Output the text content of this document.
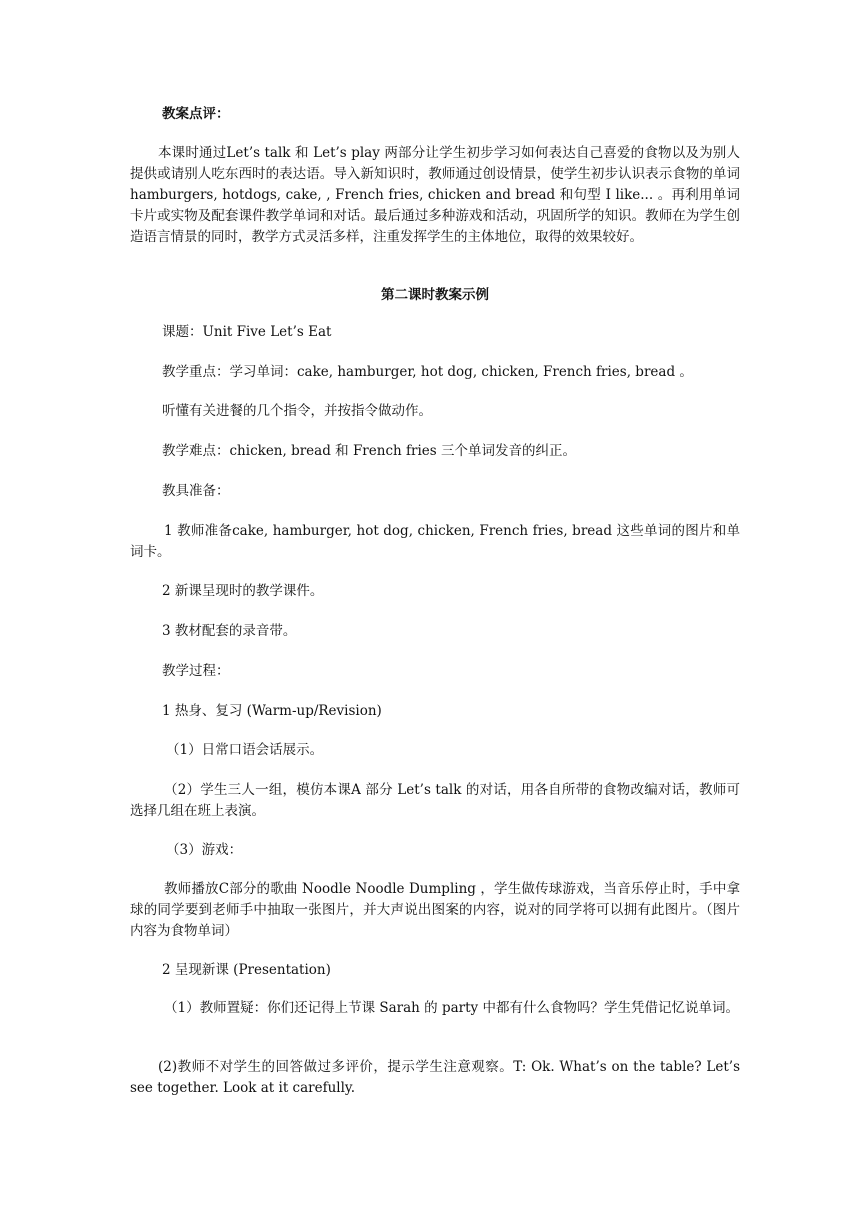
教案点评：

本课时通过Let’s talk 和 Let’s play 两部分让学生初步学习如何表达自己喜爱的食物以及为别人提供或请别人吃东西时的表达语。导入新知识时，教师通过创设情景，使学生初步认识表示食物的单词hamburgers, hotdogs, cake, , French fries, chicken and bread 和句型 I like... 。再利用单词卡片或实物及配套课件教学单词和对话。最后通过多种游戏和活动，巩固所学的知识。教师在为学生创造语言情景的同时，教学方式灵活多样，注重发挥学生的主体地位，取得的效果较好。

第二课时教案示例

课题：Unit Five Let’s Eat

教学重点：学习单词：cake, hamburger, hot dog, chicken, French fries, bread 。

听懂有关进餐的几个指令，并按指令做动作。

教学难点：chicken, bread 和 French fries 三个单词发音的纠正。

教具准备：

1 教师准备cake, hamburger, hot dog, chicken, French fries, bread 这些单词的图片和单词卡。

2 新课呈现时的教学课件。

3 教材配套的录音带。

教学过程：

1 热身、复习 (Warm-up/Revision)

（1）日常口语会话展示。

（2）学生三人一组，模仿本课A 部分 Let’s talk 的对话，用各自所带的食物改编对话，教师可选择几组在班上表演。

（3）游戏：

教师播放C部分的歌曲 Noodle Noodle Dumpling ，学生做传球游戏，当音乐停止时，手中拿球的同学要到老师手中抽取一张图片，并大声说出图案的内容，说对的同学将可以拥有此图片。（图片内容为食物单词）

2 呈现新课 (Presentation)

（1）教师置疑：你们还记得上节课 Sarah 的 party 中都有什么食物吗？学生凭借记忆说单词。

(2)教师不对学生的回答做过多评价，提示学生注意观察。T: Ok. What’s on the table? Let’s see together. Look at it carefully.
